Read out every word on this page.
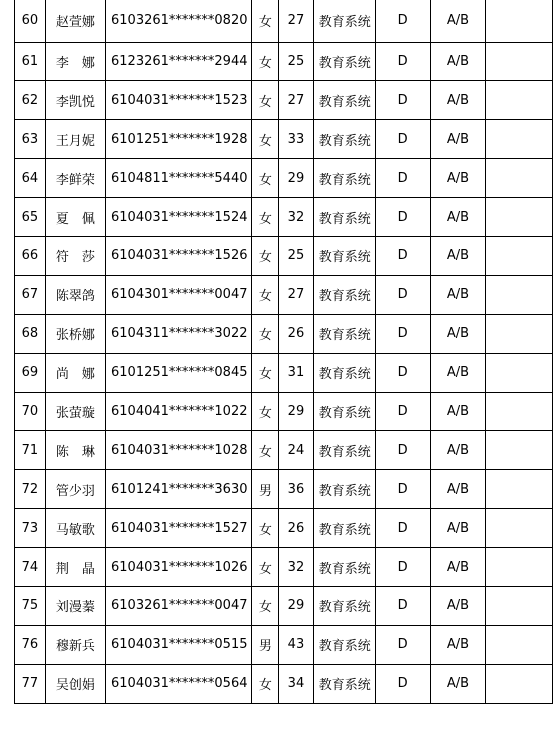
60	赵萱娜	6103261*******0820	女	27	教育系统	D	A/B	
61	李　娜	6123261*******2944	女	25	教育系统	D	A/B	
62	李凯悦	6104031*******1523	女	27	教育系统	D	A/B	
63	王月妮	6101251*******1928	女	33	教育系统	D	A/B	
64	李鲜荣	6104811*******5440	女	29	教育系统	D	A/B	
65	夏　佩	6104031*******1524	女	32	教育系统	D	A/B	
66	符　莎	6104031*******1526	女	25	教育系统	D	A/B	
67	陈翠鸽	6104301*******0047	女	27	教育系统	D	A/B	
68	张桥娜	6104311*******3022	女	26	教育系统	D	A/B	
69	尚　娜	6101251*******0845	女	31	教育系统	D	A/B	
70	张萤璇	6104041*******1022	女	29	教育系统	D	A/B	
71	陈　琳	6104031*******1028	女	24	教育系统	D	A/B	
72	管少羽	6101241*******3630	男	36	教育系统	D	A/B	
73	马敏歌	6104031*******1527	女	26	教育系统	D	A/B	
74	荆　晶	6104031*******1026	女	32	教育系统	D	A/B	
75	刘漫蓁	6103261*******0047	女	29	教育系统	D	A/B	
76	穆新兵	6104031*******0515	男	43	教育系统	D	A/B	
77	吴创娟	6104031*******0564	女	34	教育系统	D	A/B	
